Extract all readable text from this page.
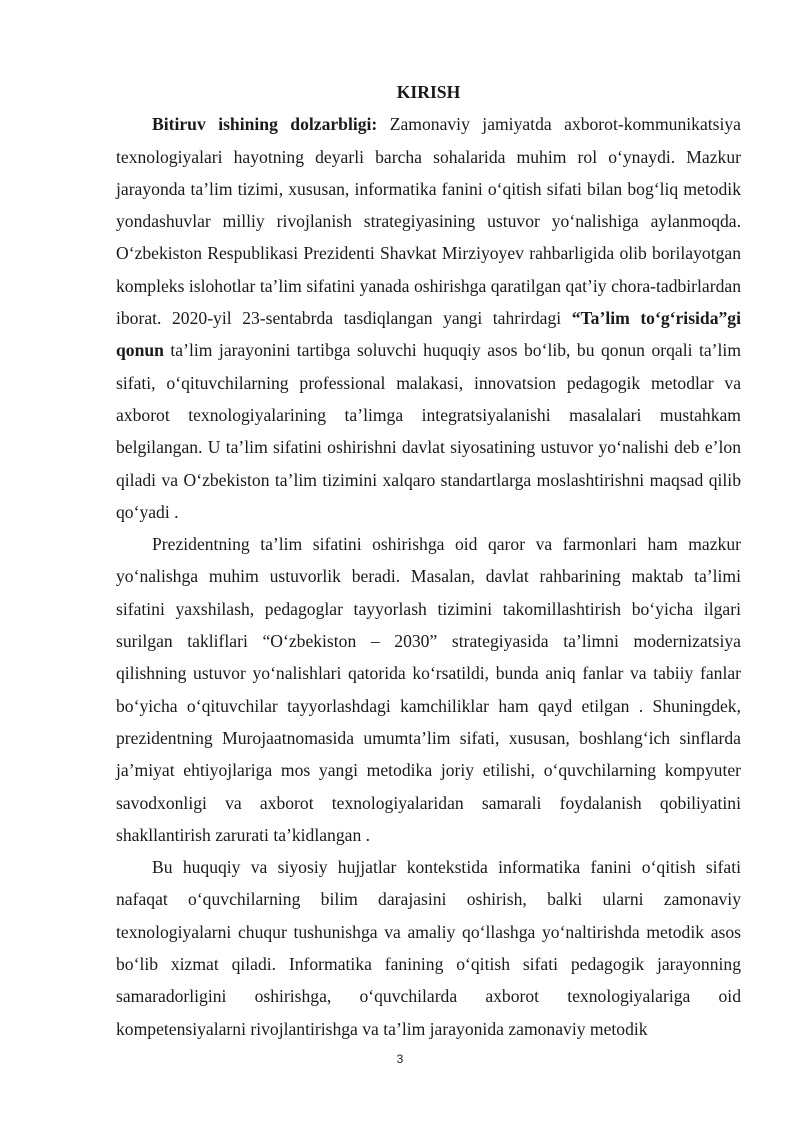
KIRISH

Bitiruv ishining dolzarbligi: Zamonaviy jamiyatda axborot-kommunikatsiya texnologiyalari hayotning deyarli barcha sohalarida muhim rol o‘ynaydi. Mazkur jarayonda ta’lim tizimi, xususan, informatika fanini o‘qitish sifati bilan bog‘liq metodik yondashuvlar milliy rivojlanish strategiyasining ustuvor yo‘nalishiga aylanmoqda. O‘zbekiston Respublikasi Prezidenti Shavkat Mirziyoyev rahbarligida olib borilayotgan kompleks islohotlar ta’lim sifatini yanada oshirishga qaratilgan qat’iy chora-tadbirlardan iborat. 2020-yil 23-sentabrda tasdiqlangan yangi tahrirdagi “Ta’lim to‘g‘risida”gi qonun ta’lim jarayonini tartibga soluvchi huquqiy asos bo‘lib, bu qonun orqali ta’lim sifati, o‘qituvchilarning professional malakasi, innovatsion pedagogik metodlar va axborot texnologiyalarining ta’limga integratsiyalanishi masalalari mustahkam belgilangan. U ta’lim sifatini oshirishni davlat siyosatining ustuvor yo‘nalishi deb e’lon qiladi va O‘zbekiston ta’lim tizimini xalqaro standartlarga moslashtirishni maqsad qilib qo‘yadi .

Prezidentning ta’lim sifatini oshirishga oid qaror va farmonlari ham mazkur yo‘nalishga muhim ustuvorlik beradi. Masalan, davlat rahbarining maktab ta’limi sifatini yaxshilash, pedagoglar tayyorlash tizimini takomillashtirish bo‘yicha ilgari surilgan takliflari “O‘zbekiston – 2030” strategiyasida ta’limni modernizatsiya qilishning ustuvor yo‘nalishlari qatorida ko‘rsatildi, bunda aniq fanlar va tabiiy fanlar bo‘yicha o‘qituvchilar tayyorlashdagi kamchiliklar ham qayd etilgan . Shuningdek, prezidentning Murojaatnomasida umumta’lim sifati, xususan, boshlang‘ich sinflarda ja’miyat ehtiyojlariga mos yangi metodika joriy etilishi, o‘quvchilarning kompyuter savodxonligi va axborot texnologiyalaridan samarali foydalanish qobiliyatini shakllantirish zarurati ta’kidlangan .

Bu huquqiy va siyosiy hujjatlar kontekstida informatika fanini o‘qitish sifati nafaqat o‘quvchilarning bilim darajasini oshirish, balki ularni zamonaviy texnologiyalarni chuqur tushunishga va amaliy qo‘llashga yo‘naltirishda metodik asos bo‘lib xizmat qiladi. Informatika fanining o‘qitish sifati pedagogik jarayonning samaradorligini oshirishga, o‘quvchilarda axborot texnologiyalariga oid kompetensiyalarni rivojlantirishga va ta’lim jarayonida zamonaviy metodik

3
